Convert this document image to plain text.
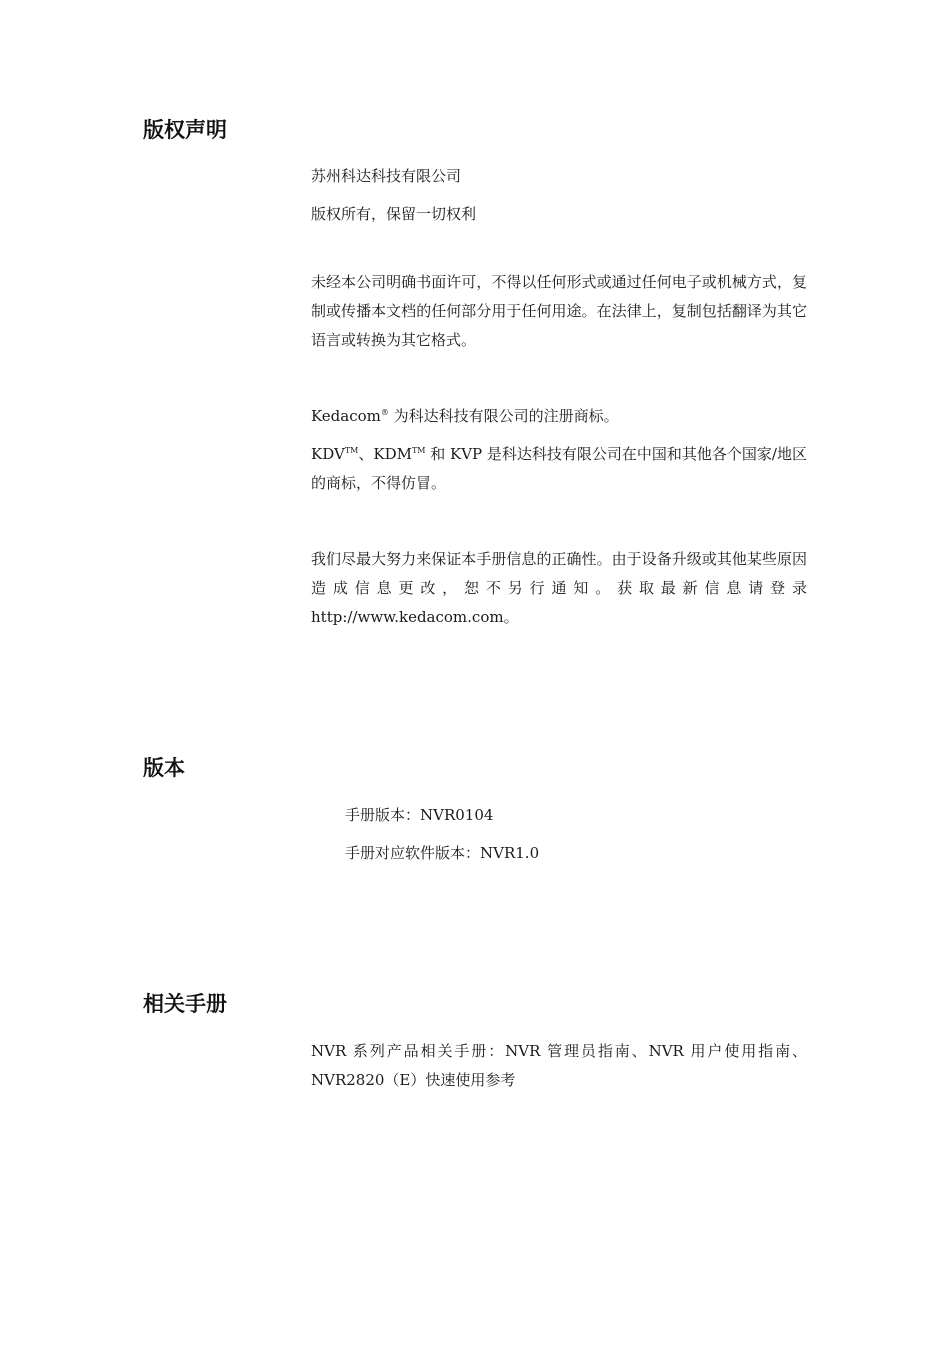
版权声明

苏州科达科技有限公司

版权所有，保留一切权利

未经本公司明确书面许可，不得以任何形式或通过任何电子或机械方式，复制或传播本文档的任何部分用于任何用途。在法律上，复制包括翻译为其它语言或转换为其它格式。

Kedacom® 为科达科技有限公司的注册商标。

KDV™、KDM™ 和 KVP 是科达科技有限公司在中国和其他各个国家/地区的商标，不得仿冒。

我们尽最大努力来保证本手册信息的正确性。由于设备升级或其他某些原因造成信息更改，恕不另行通知。获取最新信息请登录 http://www.kedacom.com。

版本

手册版本：NVR0104

手册对应软件版本：NVR1.0

相关手册

NVR 系列产品相关手册：NVR 管理员指南、NVR 用户使用指南、NVR2820（E）快速使用参考
